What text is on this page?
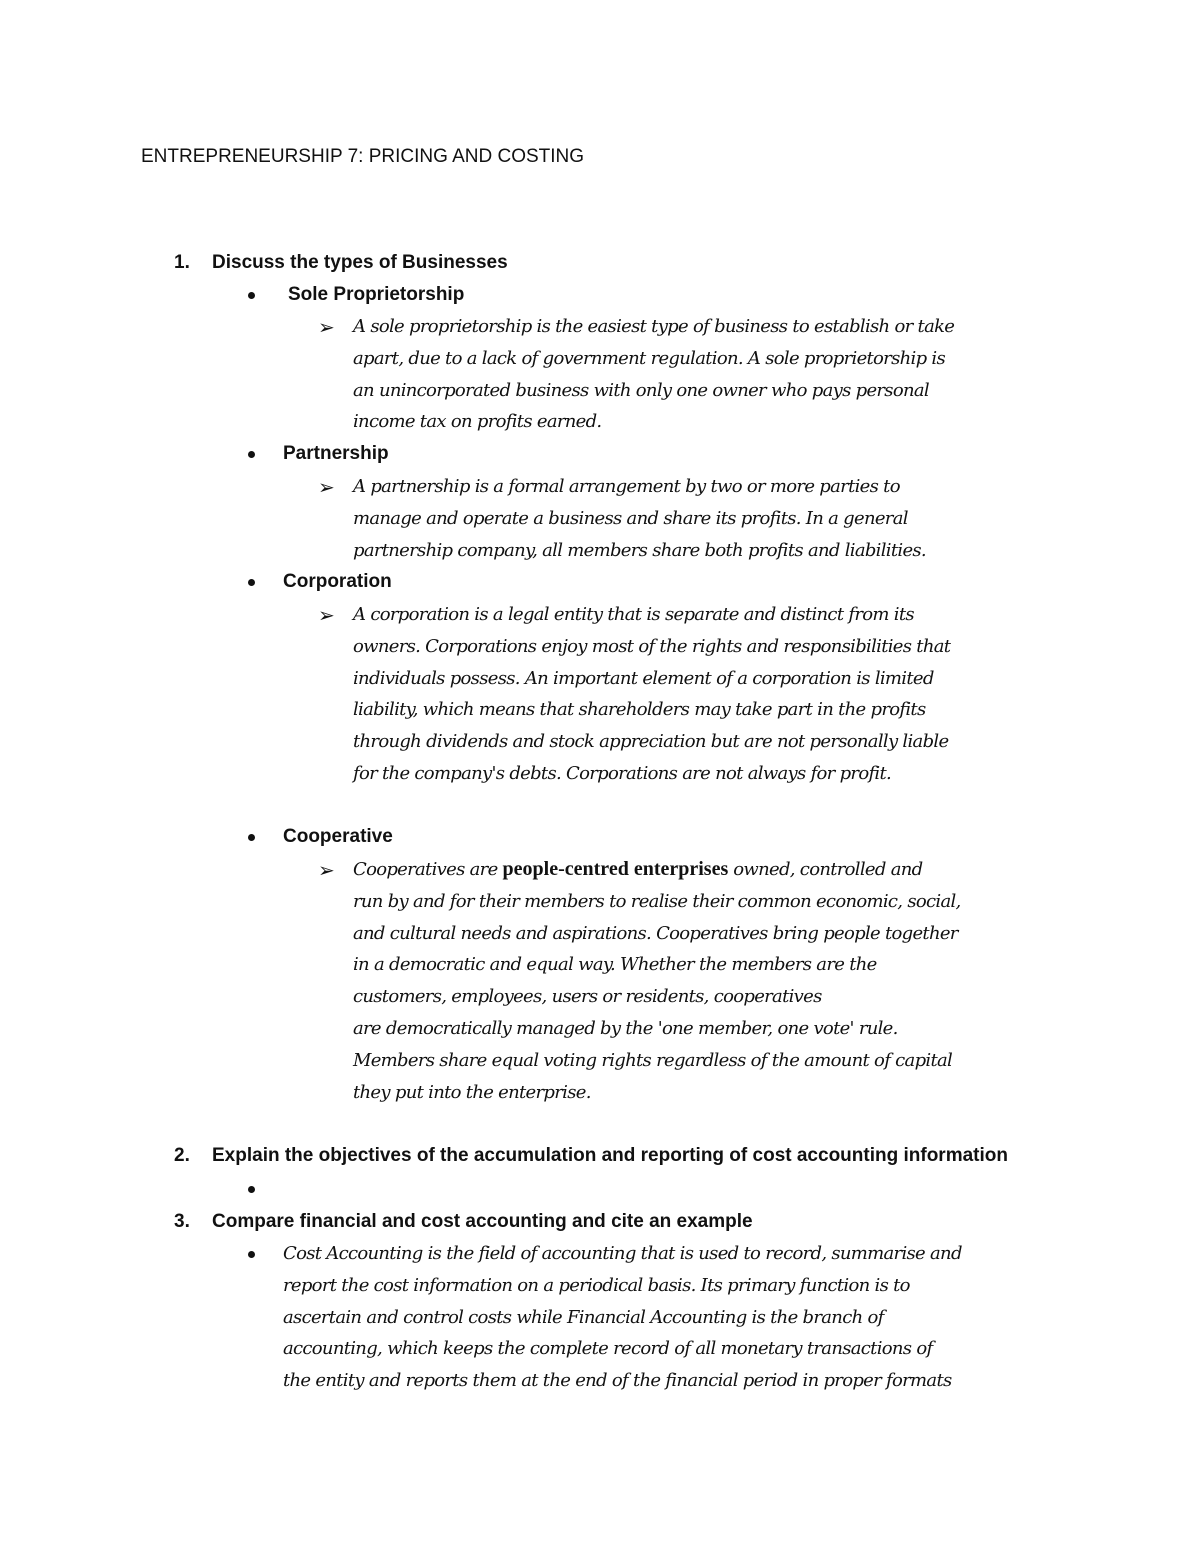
ENTREPRENEURSHIP 7: PRICING AND COSTING
1. Discuss the types of Businesses
Sole Proprietorship
➢ A sole proprietorship is the easiest type of business to establish or take
apart, due to a lack of government regulation. A sole proprietorship is
an unincorporated business with only one owner who pays personal
income tax on profits earned.
Partnership
➢ A partnership is a formal arrangement by two or more parties to
manage and operate a business and share its profits. In a general
partnership company, all members share both profits and liabilities.
Corporation
➢ A corporation is a legal entity that is separate and distinct from its
owners. Corporations enjoy most of the rights and responsibilities that
individuals possess. An important element of a corporation is limited
liability, which means that shareholders may take part in the profits
through dividends and stock appreciation but are not personally liable
for the company's debts. Corporations are not always for profit.
Cooperative
➢ Cooperatives are people-centred enterprises owned, controlled and
run by and for their members to realise their common economic, social,
and cultural needs and aspirations. Cooperatives bring people together
in a democratic and equal way. Whether the members are the
customers, employees, users or residents, cooperatives
are democratically managed by the 'one member, one vote' rule.
Members share equal voting rights regardless of the amount of capital
they put into the enterprise.
2. Explain the objectives of the accumulation and reporting of cost accounting information
3. Compare financial and cost accounting and cite an example
Cost Accounting is the field of accounting that is used to record, summarise and
report the cost information on a periodical basis. Its primary function is to
ascertain and control costs while Financial Accounting is the branch of
accounting, which keeps the complete record of all monetary transactions of
the entity and reports them at the end of the financial period in proper formats
